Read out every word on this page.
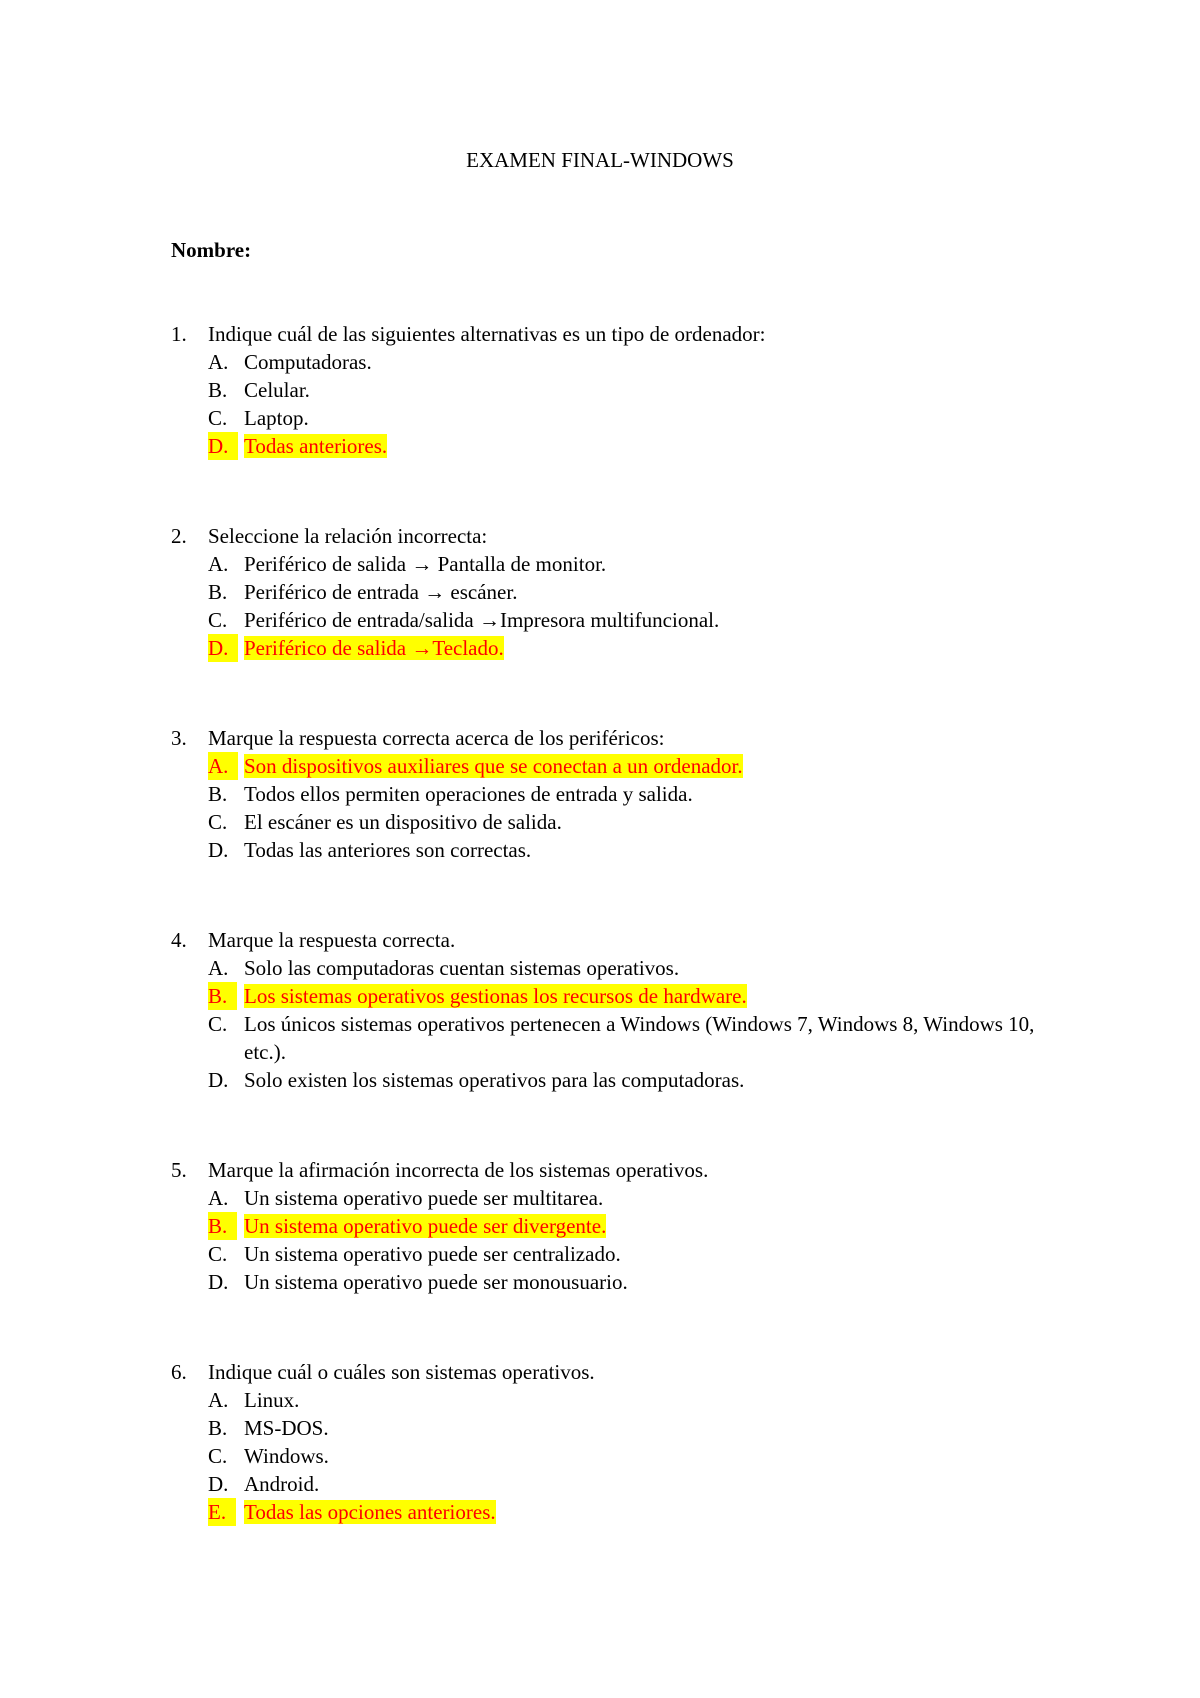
EXAMEN FINAL-WINDOWS
Nombre:
1. Indique cuál de las siguientes alternativas es un tipo de ordenador:
A. Computadoras.
B. Celular.
C. Laptop.
D. Todas anteriores.
2. Seleccione la relación incorrecta:
A. Periférico de salida → Pantalla de monitor.
B. Periférico de entrada → escáner.
C. Periférico de entrada/salida →Impresora multifuncional.
D. Periférico de salida →Teclado.
3. Marque la respuesta correcta acerca de los periféricos:
A. Son dispositivos auxiliares que se conectan a un ordenador.
B. Todos ellos permiten operaciones de entrada y salida.
C. El escáner es un dispositivo de salida.
D. Todas las anteriores son correctas.
4. Marque la respuesta correcta.
A. Solo las computadoras cuentan sistemas operativos.
B. Los sistemas operativos gestionas los recursos de hardware.
C. Los únicos sistemas operativos pertenecen a Windows (Windows 7, Windows 8, Windows 10, etc.).
D. Solo existen los sistemas operativos para las computadoras.
5. Marque la afirmación incorrecta de los sistemas operativos.
A. Un sistema operativo puede ser multitarea.
B. Un sistema operativo puede ser divergente.
C. Un sistema operativo puede ser centralizado.
D. Un sistema operativo puede ser monousuario.
6. Indique cuál o cuáles son sistemas operativos.
A. Linux.
B. MS-DOS.
C. Windows.
D. Android.
E. Todas las opciones anteriores.
